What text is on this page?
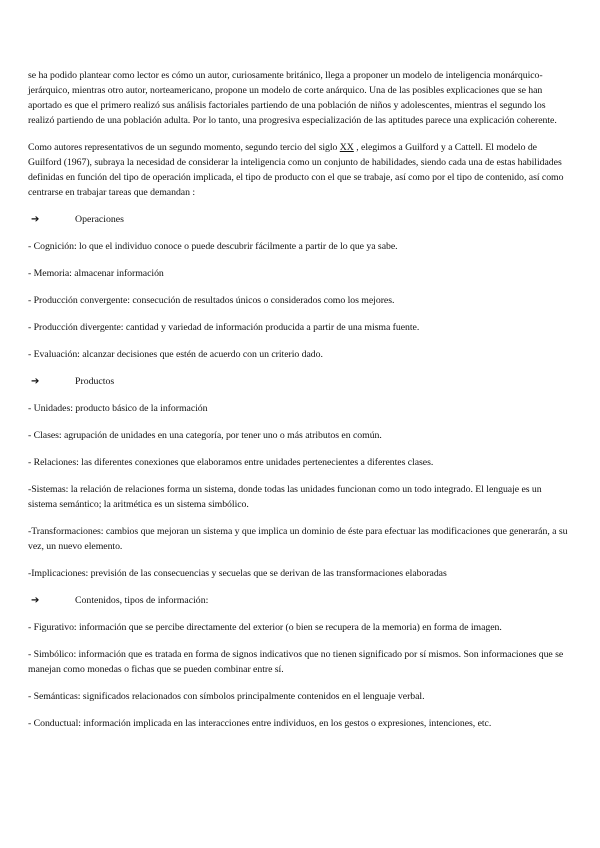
se ha podido plantear como lector es cómo un autor, curiosamente británico, llega a proponer un modelo de inteligencia monárquico-jerárquico, mientras otro autor, norteamericano, propone un modelo de corte anárquico. Una de las posibles explicaciones que se han aportado es que el primero realizó sus análisis factoriales partiendo de una población de niños y adolescentes, mientras el segundo los realizó partiendo de una población adulta. Por lo tanto, una progresiva especialización de las aptitudes parece una explicación coherente.

Como autores representativos de un segundo momento, segundo tercio del siglo XX , elegimos a Guilford y a Cattell. El modelo de Guilford (1967), subraya la necesidad de considerar la inteligencia como un conjunto de habilidades, siendo cada una de estas habilidades definidas en función del tipo de operación implicada, el tipo de producto con el que se trabaje, así como por el tipo de contenido, así como centrarse en trabajar tareas que demandan :

➔	Operaciones

- Cognición: lo que el individuo conoce o puede descubrir fácilmente a partir de lo que ya sabe.

- Memoria: almacenar información

- Producción convergente: consecución de resultados únicos o considerados como los mejores.

- Producción divergente: cantidad y variedad de información producida a partir de una misma fuente.

- Evaluación: alcanzar decisiones que estén de acuerdo con un criterio dado.

➔	Productos

- Unidades: producto básico de la información

- Clases: agrupación de unidades en una categoría, por tener uno o más atributos en común.

- Relaciones: las diferentes conexiones que elaboramos entre unidades pertenecientes a diferentes clases.

-Sistemas: la relación de relaciones forma un sistema, donde todas las unidades funcionan como un todo integrado. El lenguaje es un sistema semántico; la aritmética es un sistema simbólico.

-Transformaciones: cambios que mejoran un sistema y que implica un dominio de éste para efectuar las modificaciones que generarán, a su vez, un nuevo elemento.

-Implicaciones: previsión de las consecuencias y secuelas que se derivan de las transformaciones elaboradas

➔	Contenidos, tipos de información:

- Figurativo: información que se percibe directamente del exterior (o bien se recupera de la memoria) en forma de imagen.

- Simbólico: información que es tratada en forma de signos indicativos que no tienen significado por sí mismos. Son informaciones que se manejan como monedas o fichas que se pueden combinar entre sí.

- Semánticas: significados relacionados con símbolos principalmente contenidos en el lenguaje verbal.

- Conductual: información implicada en las interacciones entre individuos, en los gestos o expresiones, intenciones, etc.
